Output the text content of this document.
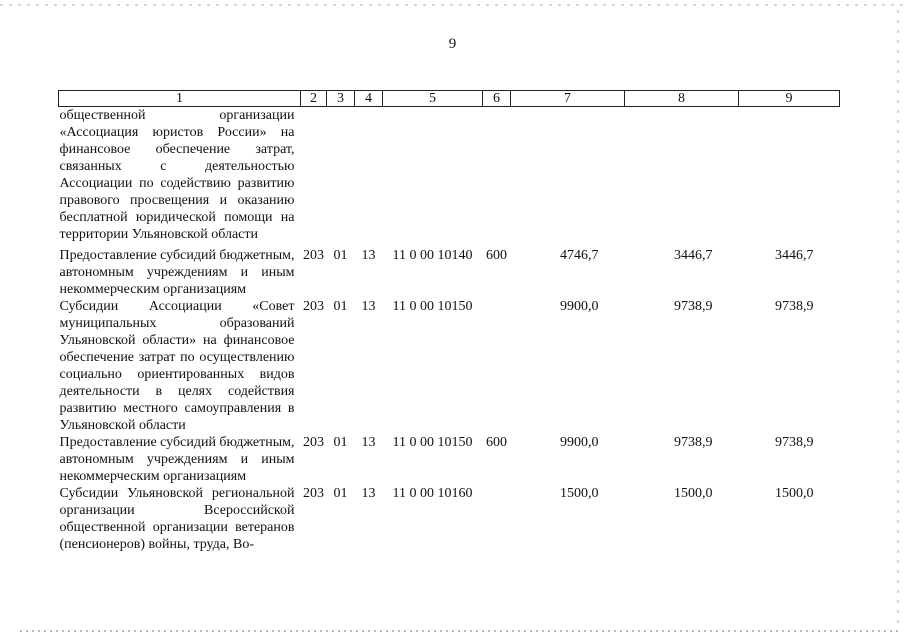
9
1	2	3	4	5	6	7	8	9
общественной организации «Ассоциация юристов России» на финансовое обеспечение затрат, связанных с деятельностью Ассоциации по содействию развитию правового просвещения и оказанию бесплатной юридической помощи на территории Ульяновской области								
Предоставление субсидий бюджетным, автономным учреждениям и иным некоммерческим организациям	203	01	13	11 0 00 10140	600	4746,7	3446,7	3446,7
Субсидии Ассоциации «Совет муниципальных образований Ульяновской области» на финансовое обеспечение затрат по осуществлению социально ориентированных видов деятельности в целях содействия развитию местного самоуправления в Ульяновской области	203	01	13	11 0 00 10150		9900,0	9738,9	9738,9
Предоставление субсидий бюджетным, автономным учреждениям и иным некоммерческим организациям	203	01	13	11 0 00 10150	600	9900,0	9738,9	9738,9
Субсидии Ульяновской региональной организации Всероссийской общественной организации ветеранов (пенсионеров) войны, труда, Во-	203	01	13	11 0 00 10160		1500,0	1500,0	1500,0
